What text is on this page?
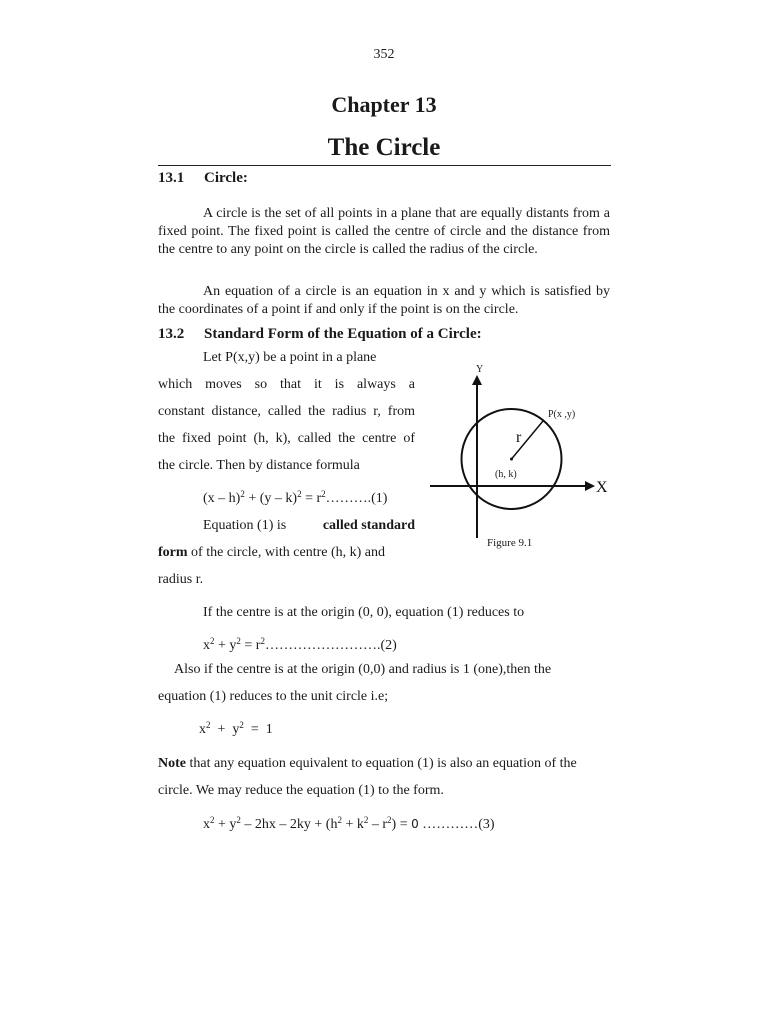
352
Chapter 13
The Circle
13.1 Circle:
A circle is the set of all points in a plane that are equally distants from a fixed point. The fixed point is called the centre of circle and the distance from the centre to any point on the circle is called the radius of the circle.
An equation of a circle is an equation in x and y which is satisfied by the coordinates of a point if and only if the point is on the circle.
13.2 Standard Form of the Equation of a Circle:
Let P(x,y) be a point in a plane
which moves so that it is always a
constant distance, called the radius r, from
the fixed point (h, k), called the centre of
the circle. Then by distance formula
$(x - h)^2 + (y - k)^2 = r^2\dots\dots\dots.(1)$
Equation (1) is called standard
form of the circle, with centre (h, k) and
radius r.
Y
X
P(x ,y)
r
(h, k)
Figure 9.1
If the centre is at the origin (0, 0), equation (1) reduces to
$x^2 + y^2$ = $r^2\dots\dots\dots\dots\dots\dots\dots\dots.(2)$
Also if the centre is at the origin (0,0) and radius is 1 (one),then the
equation (1) reduces to the unit circle i.e;
$x^2 + y^2 = 1$
Note that any equation equivalent to equation (1) is also an equation of the
circle. We may reduce the equation (1) to the form.
$x^2 + y^2 - 2hx - 2ky + (h^2 + k^2 - r^2) = 0$ …………(3)
